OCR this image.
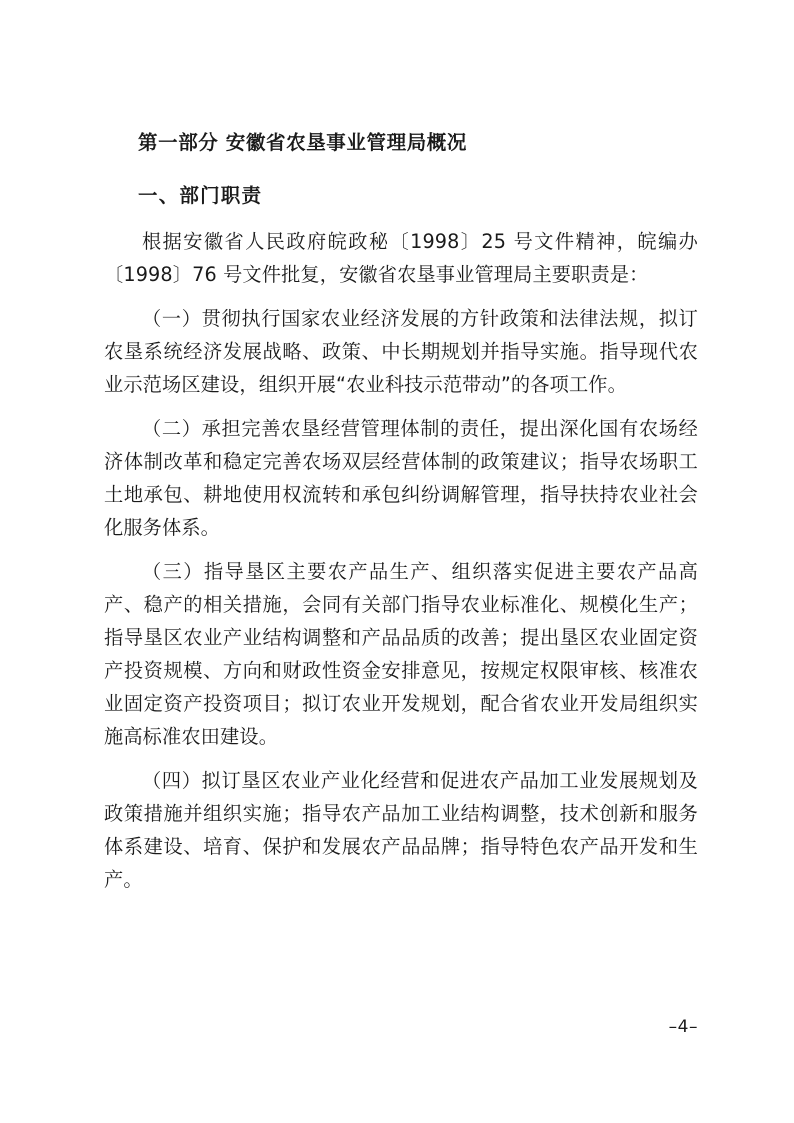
第一部分 安徽省农垦事业管理局概况
一、部门职责

根据安徽省人民政府皖政秘〔1998〕25 号文件精神，皖编办〔1998〕76 号文件批复，安徽省农垦事业管理局主要职责是：

（一）贯彻执行国家农业经济发展的方针政策和法律法规，拟订农垦系统经济发展战略、政策、中长期规划并指导实施。指导现代农业示范场区建设，组织开展“农业科技示范带动”的各项工作。

（二）承担完善农垦经营管理体制的责任，提出深化国有农场经济体制改革和稳定完善农场双层经营体制的政策建议；指导农场职工土地承包、耕地使用权流转和承包纠纷调解管理，指导扶持农业社会化服务体系。

（三）指导垦区主要农产品生产、组织落实促进主要农产品高产、稳产的相关措施，会同有关部门指导农业标准化、规模化生产；指导垦区农业产业结构调整和产品品质的改善；提出垦区农业固定资产投资规模、方向和财政性资金安排意见，按规定权限审核、核准农业固定资产投资项目；拟订农业开发规划，配合省农业开发局组织实施高标准农田建设。

（四）拟订垦区农业产业化经营和促进农产品加工业发展规划及政策措施并组织实施；指导农产品加工业结构调整，技术创新和服务体系建设、培育、保护和发展农产品品牌；指导特色农产品开发和生产。

–4–
